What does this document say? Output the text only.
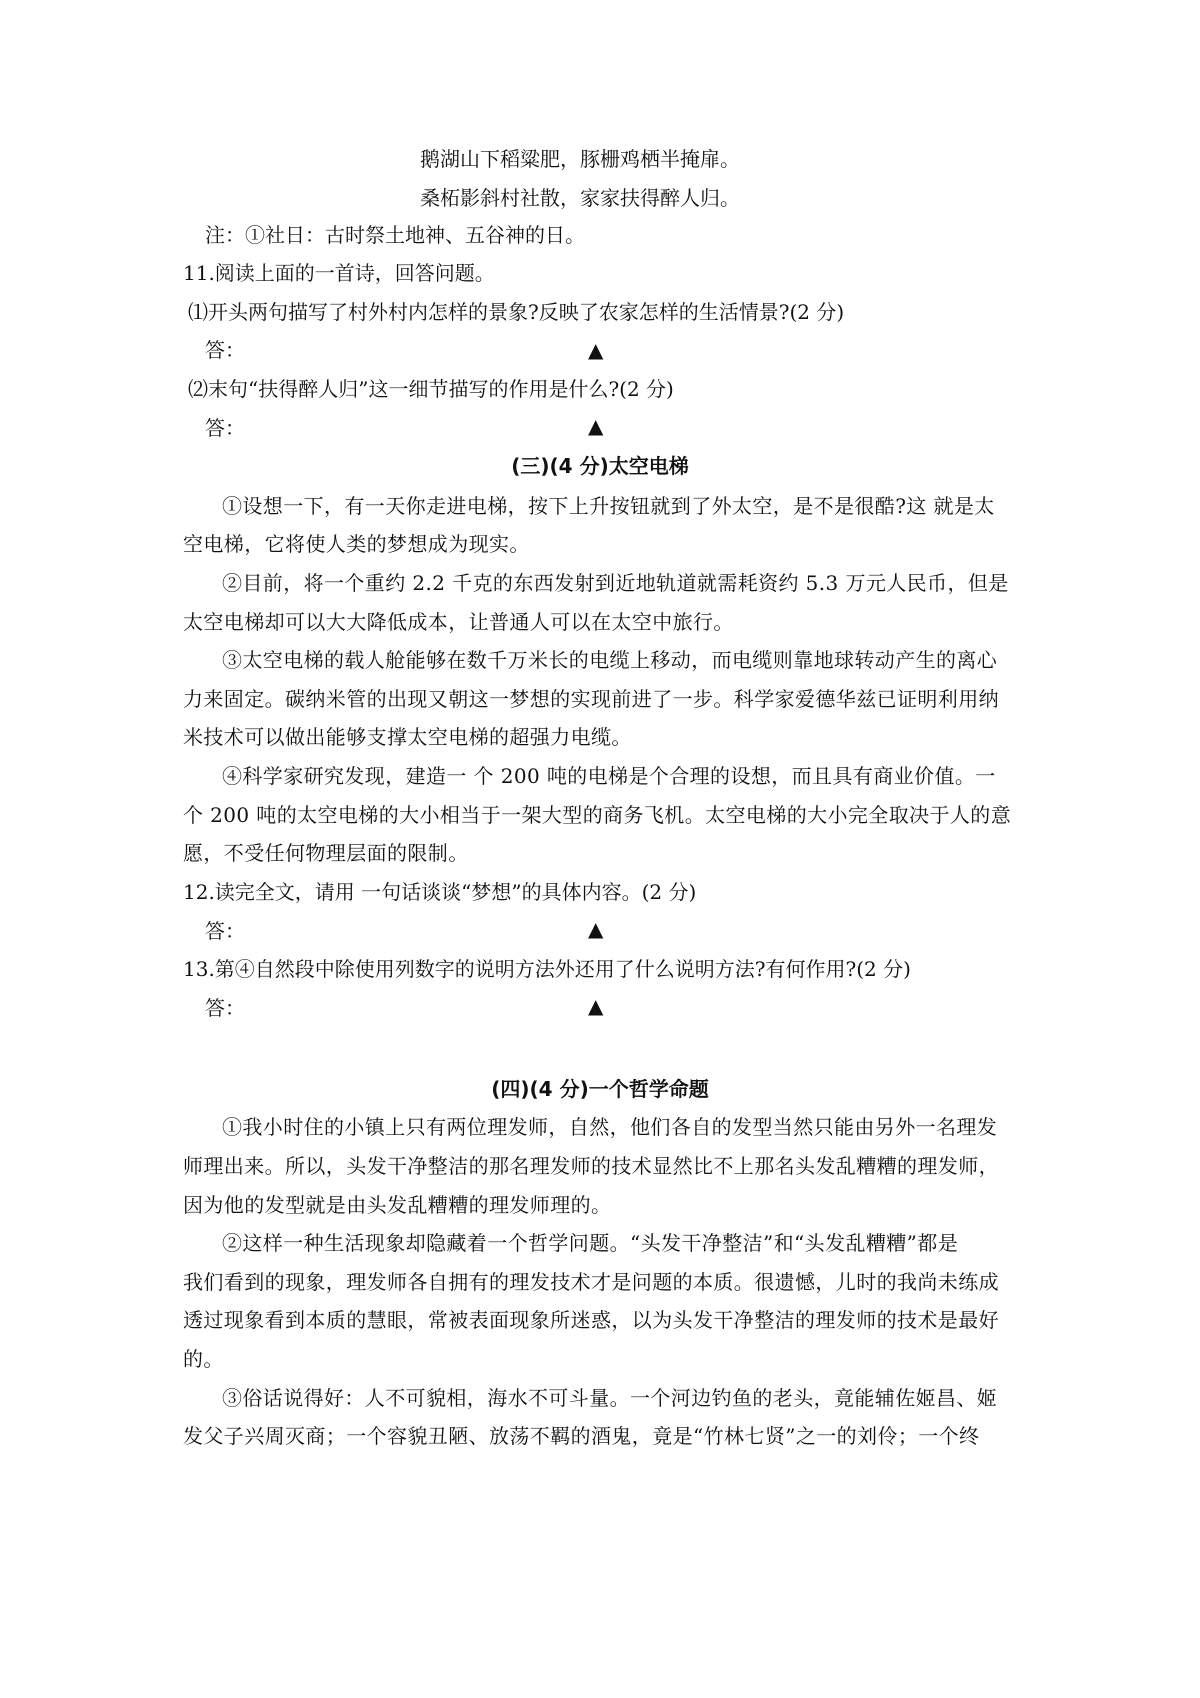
鹅湖山下稻粱肥，豚栅鸡栖半掩扉。
桑柘影斜村社散，家家扶得醉人归。
注：①社日：古时祭土地神、五谷神的日。
11.阅读上面的一首诗，回答问题。
⑴开头两句描写了村外村内怎样的景象?反映了农家怎样的生活情景?(2 分)
答：	▲
⑵末句“扶得醉人归”这一细节描写的作用是什么?(2 分)
答：	▲
(三)(4 分)太空电梯
①设想一下，有一天你走进电梯，按下上升按钮就到了外太空，是不是很酷?这 就是太
空电梯，它将使人类的梦想成为现实。
②目前，将一个重约 2.2 千克的东西发射到近地轨道就需耗资约 5.3 万元人民币，但是
太空电梯却可以大大降低成本，让普通人可以在太空中旅行。
③太空电梯的载人舱能够在数千万米长的电缆上移动，而电缆则靠地球转动产生的离心
力来固定。碳纳米管的出现又朝这一梦想的实现前进了一步。科学家爱德华兹已证明利用纳
米技术可以做出能够支撑太空电梯的超强力电缆。
④科学家研究发现，建造一 个 200 吨的电梯是个合理的设想，而且具有商业价值。一
个 200 吨的太空电梯的大小相当于一架大型的商务飞机。太空电梯的大小完全取决于人的意
愿，不受任何物理层面的限制。
12.读完全文，请用 一句话谈谈“梦想”的具体内容。(2 分)
答：	▲
13.第④自然段中除使用列数字的说明方法外还用了什么说明方法?有何作用?(2 分)
答：	▲
(四)(4 分)一个哲学命题
①我小时住的小镇上只有两位理发师，自然，他们各自的发型当然只能由另外一名理发
师理出来。所以，头发干净整洁的那名理发师的技术显然比不上那名头发乱糟糟的理发师，
因为他的发型就是由头发乱糟糟的理发师理的。
②这样一种生活现象却隐藏着一个哲学问题。“头发干净整洁”和“头发乱糟糟”都是
我们看到的现象，理发师各自拥有的理发技术才是问题的本质。很遗憾，儿时的我尚未练成
透过现象看到本质的慧眼，常被表面现象所迷惑，以为头发干净整洁的理发师的技术是最好
的。
③俗话说得好：人不可貌相，海水不可斗量。一个河边钓鱼的老头，竟能辅佐姬昌、姬
发父子兴周灭商；一个容貌丑陋、放荡不羁的酒鬼，竟是“竹林七贤”之一的刘伶；一个终
